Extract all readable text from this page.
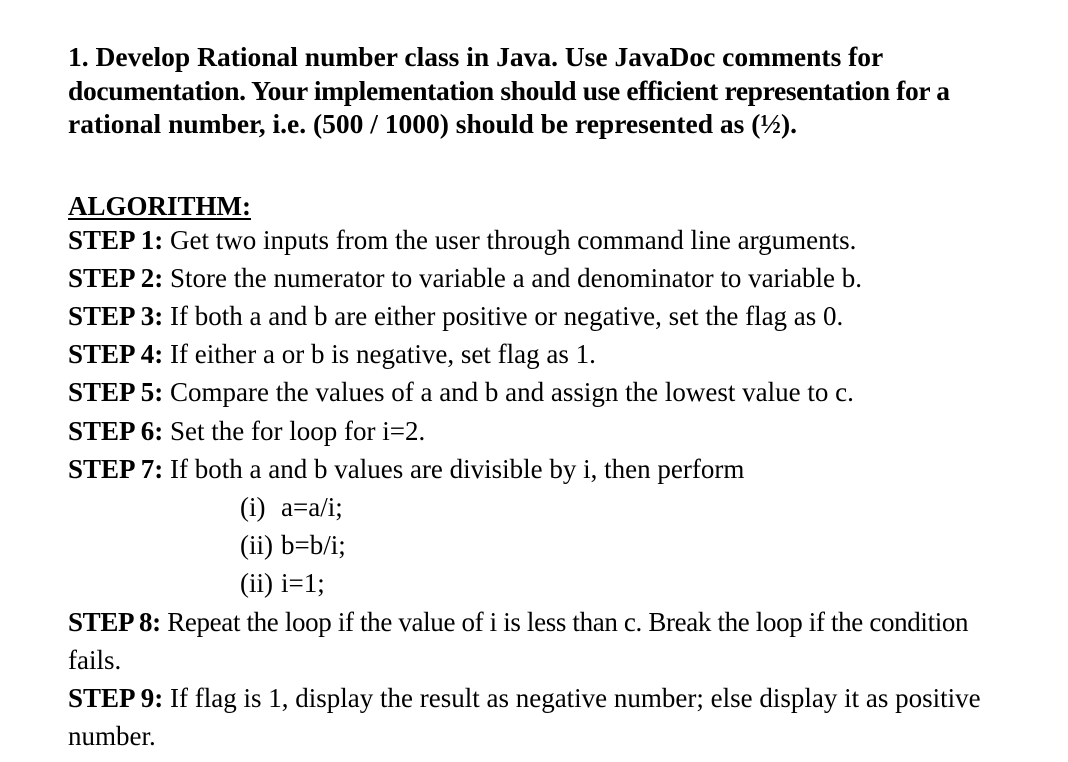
1. Develop Rational number class in Java. Use JavaDoc comments for
documentation. Your implementation should use efficient representation for a
rational number, i.e. (500 / 1000) should be represented as (½).

ALGORITHM:
STEP 1: Get two inputs from the user through command line arguments.
STEP 2: Store the numerator to variable a and denominator to variable b.
STEP 3: If both a and b are either positive or negative, set the flag as 0.
STEP 4: If either a or b is negative, set flag as 1.
STEP 5: Compare the values of a and b and assign the lowest value to c.
STEP 6: Set the for loop for i=2.
STEP 7: If both a and b values are divisible by i, then perform
(i) a=a/i;
(ii) b=b/i;
(ii) i=1;
STEP 8: Repeat the loop if the value of i is less than c. Break the loop if the condition
fails.
STEP 9: If flag is 1, display the result as negative number; else display it as positive
number.
